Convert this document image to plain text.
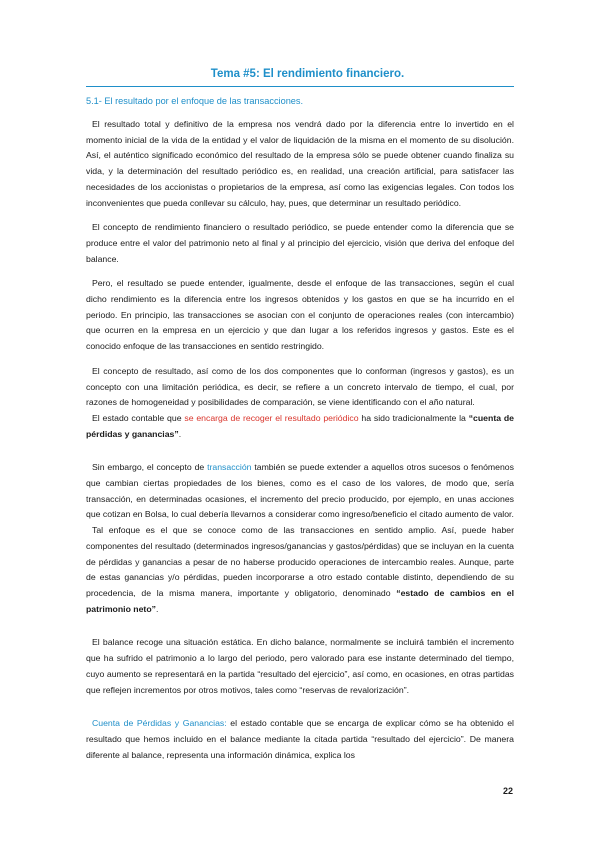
Tema #5: El rendimiento financiero.
5.1- El resultado por el enfoque de las transacciones.

El resultado total y definitivo de la empresa nos vendrá dado por la diferencia entre lo invertido en el momento inicial de la vida de la entidad y el valor de liquidación de la misma en el momento de su disolución. Así, el auténtico significado económico del resultado de la empresa sólo se puede obtener cuando finaliza su vida, y la determinación del resultado periódico es, en realidad, una creación artificial, para satisfacer las necesidades de los accionistas o propietarios de la empresa, así como las exigencias legales. Con todos los inconvenientes que pueda conllevar su cálculo, hay, pues, que determinar un resultado periódico.

El concepto de rendimiento financiero o resultado periódico, se puede entender como la diferencia que se produce entre el valor del patrimonio neto al final y al principio del ejercicio, visión que deriva del enfoque del balance.

Pero, el resultado se puede entender, igualmente, desde el enfoque de las transacciones, según el cual dicho rendimiento es la diferencia entre los ingresos obtenidos y los gastos en que se ha incurrido en el periodo. En principio, las transacciones se asocian con el conjunto de operaciones reales (con intercambio) que ocurren en la empresa en un ejercicio y que dan lugar a los referidos ingresos y gastos. Este es el conocido enfoque de las transacciones en sentido restringido.

El concepto de resultado, así como de los dos componentes que lo conforman (ingresos y gastos), es un concepto con una limitación periódica, es decir, se refiere a un concreto intervalo de tiempo, el cual, por razones de homogeneidad y posibilidades de comparación, se viene identificando con el año natural.

El estado contable que se encarga de recoger el resultado periódico ha sido tradicionalmente la “cuenta de pérdidas y ganancias”.

Sin embargo, el concepto de transacción también se puede extender a aquellos otros sucesos o fenómenos que cambian ciertas propiedades de los bienes, como es el caso de los valores, de modo que, sería transacción, en determinadas ocasiones, el incremento del precio producido, por ejemplo, en unas acciones que cotizan en Bolsa, lo cual debería llevarnos a considerar como ingreso/beneficio el citado aumento de valor.

Tal enfoque es el que se conoce como de las transacciones en sentido amplio. Así, puede haber componentes del resultado (determinados ingresos/ganancias y gastos/pérdidas) que se incluyan en la cuenta de pérdidas y ganancias a pesar de no haberse producido operaciones de intercambio reales. Aunque, parte de estas ganancias y/o pérdidas, pueden incorporarse a otro estado contable distinto, dependiendo de su procedencia, de la misma manera, importante y obligatorio, denominado “estado de cambios en el patrimonio neto”.

El balance recoge una situación estática. En dicho balance, normalmente se incluirá también el incremento que ha sufrido el patrimonio a lo largo del periodo, pero valorado para ese instante determinado del tiempo, cuyo aumento se representará en la partida “resultado del ejercicio”, así como, en ocasiones, en otras partidas que reflejen incrementos por otros motivos, tales como “reservas de revalorización”.

Cuenta de Pérdidas y Ganancias: el estado contable que se encarga de explicar cómo se ha obtenido el resultado que hemos incluido en el balance mediante la citada partida “resultado del ejercicio”. De manera diferente al balance, representa una información dinámica, explica los

22
